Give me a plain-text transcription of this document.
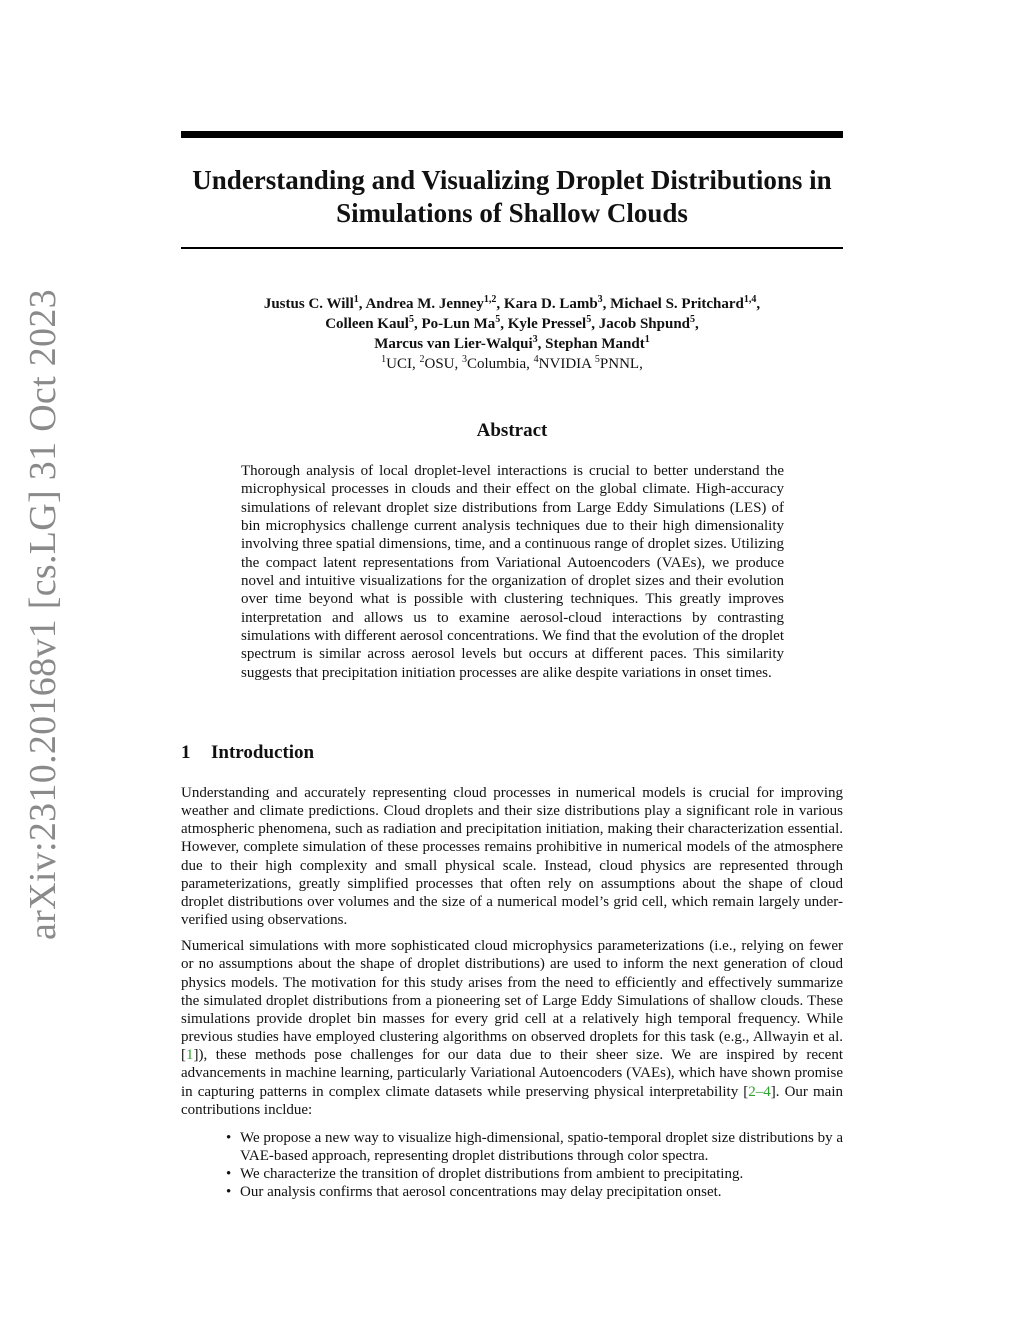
arXiv:2310.20168v1 [cs.LG] 31 Oct 2023
Understanding and Visualizing Droplet Distributions in Simulations of Shallow Clouds
Justus C. Will$^1$, Andrea M. Jenney$^{1,2}$, Kara D. Lamb$^3$, Michael S. Pritchard$^{1,4}$,
Colleen Kaul$^5$, Po-Lun Ma$^5$, Kyle Pressel$^5$, Jacob Shpund$^5$,
Marcus van Lier-Walqui$^3$, Stephan Mandt$^1$
$^1$UCI, $^2$OSU, $^3$Columbia, $^4$NVIDIA $^5$PNNL,
Abstract

Thorough analysis of local droplet-level interactions is crucial to better understand the microphysical processes in clouds and their effect on the global climate. High-accuracy simulations of relevant droplet size distributions from Large Eddy Simulations (LES) of bin microphysics challenge current analysis techniques due to their high dimensionality involving three spatial dimensions, time, and a continuous range of droplet sizes. Utilizing the compact latent representations from Variational Autoencoders (VAEs), we produce novel and intuitive visualizations for the organization of droplet sizes and their evolution over time beyond what is possible with clustering techniques. This greatly improves interpretation and allows us to examine aerosol-cloud interactions by contrasting simulations with different aerosol concentrations. We find that the evolution of the droplet spectrum is similar across aerosol levels but occurs at different paces. This similarity suggests that precipitation initiation processes are alike despite variations in onset times.

1 Introduction

Understanding and accurately representing cloud processes in numerical models is crucial for improving weather and climate predictions. Cloud droplets and their size distributions play a significant role in various atmospheric phenomena, such as radiation and precipitation initiation, making their characterization essential. However, complete simulation of these processes remains prohibitive in numerical models of the atmosphere due to their high complexity and small physical scale. Instead, cloud physics are represented through parameterizations, greatly simplified processes that often rely on assumptions about the shape of cloud droplet distributions over volumes and the size of a numerical model’s grid cell, which remain largely under-verified using observations.

Numerical simulations with more sophisticated cloud microphysics parameterizations (i.e., relying on fewer or no assumptions about the shape of droplet distributions) are used to inform the next generation of cloud physics models. The motivation for this study arises from the need to efficiently and effectively summarize the simulated droplet distributions from a pioneering set of Large Eddy Simulations of shallow clouds. These simulations provide droplet bin masses for every grid cell at a relatively high temporal frequency. While previous studies have employed clustering algorithms on observed droplets for this task (e.g., Allwayin et al. [1]), these methods pose challenges for our data due to their sheer size. We are inspired by recent advancements in machine learning, particularly Variational Autoencoders (VAEs), which have shown promise in capturing patterns in complex climate datasets while preserving physical interpretability [2–4]. Our main contributions incldue:

• We propose a new way to visualize high-dimensional, spatio-temporal droplet size distributions by a VAE-based approach, representing droplet distributions through color spectra.
• We characterize the transition of droplet distributions from ambient to precipitating.
• Our analysis confirms that aerosol concentrations may delay precipitation onset.
